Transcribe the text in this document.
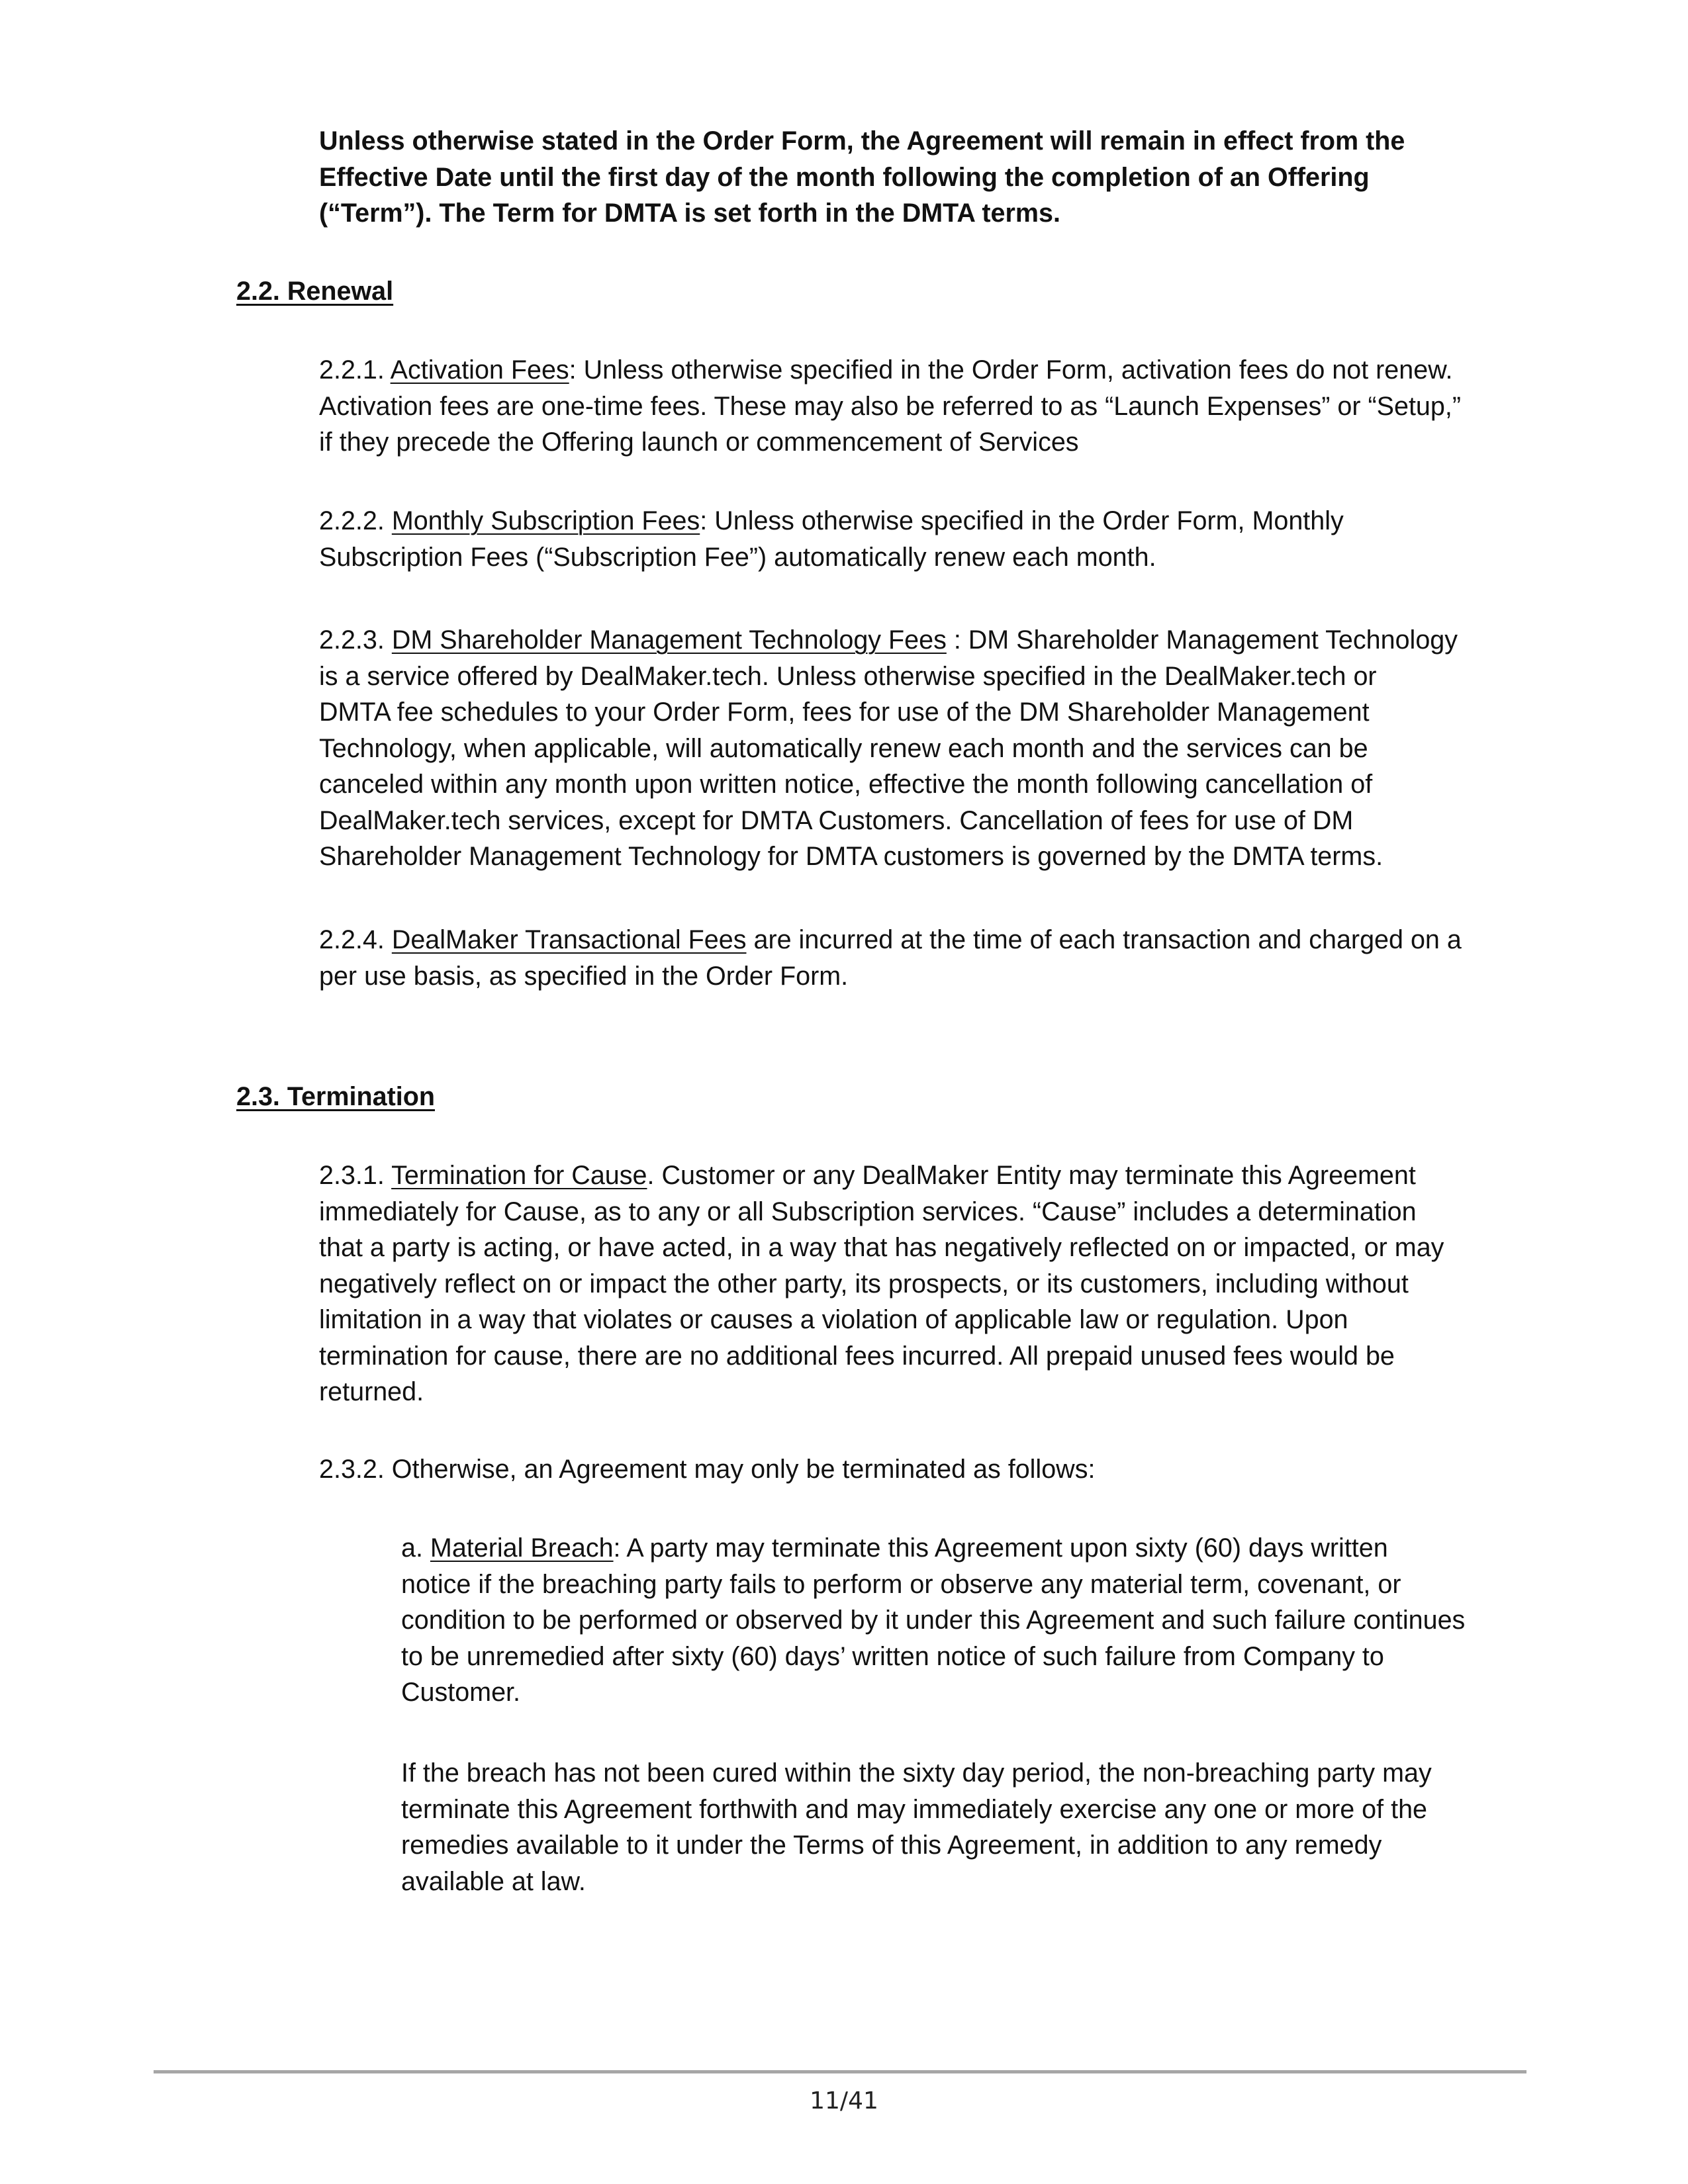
Unless otherwise stated in the Order Form, the Agreement will remain in effect from the
Effective Date until the first day of the month following the completion of an Offering
(“Term”). The Term for DMTA is set forth in the DMTA terms.
2.2. Renewal
2.2.1. Activation Fees: Unless otherwise specified in the Order Form, activation fees do not renew.
Activation fees are one-time fees. These may also be referred to as “Launch Expenses” or “Setup,”
if they precede the Offering launch or commencement of Services
2.2.2. Monthly Subscription Fees: Unless otherwise specified in the Order Form, Monthly
Subscription Fees (“Subscription Fee”) automatically renew each month.
2.2.3. DM Shareholder Management Technology Fees : DM Shareholder Management Technology
is a service offered by DealMaker.tech. Unless otherwise specified in the DealMaker.tech or
DMTA fee schedules to your Order Form, fees for use of the DM Shareholder Management
Technology, when applicable, will automatically renew each month and the services can be
canceled within any month upon written notice, effective the month following cancellation of
DealMaker.tech services, except for DMTA Customers. Cancellation of fees for use of DM
Shareholder Management Technology for DMTA customers is governed by the DMTA terms.
2.2.4. DealMaker Transactional Fees are incurred at the time of each transaction and charged on a
per use basis, as specified in the Order Form.
2.3. Termination
2.3.1. Termination for Cause. Customer or any DealMaker Entity may terminate this Agreement
immediately for Cause, as to any or all Subscription services. “Cause” includes a determination
that a party is acting, or have acted, in a way that has negatively reflected on or impacted, or may
negatively reflect on or impact the other party, its prospects, or its customers, including without
limitation in a way that violates or causes a violation of applicable law or regulation. Upon
termination for cause, there are no additional fees incurred. All prepaid unused fees would be
returned.
2.3.2. Otherwise, an Agreement may only be terminated as follows:
a. Material Breach: A party may terminate this Agreement upon sixty (60) days written
notice if the breaching party fails to perform or observe any material term, covenant, or
condition to be performed or observed by it under this Agreement and such failure continues
to be unremedied after sixty (60) days’ written notice of such failure from Company to
Customer.
If the breach has not been cured within the sixty day period, the non-breaching party may
terminate this Agreement forthwith and may immediately exercise any one or more of the
remedies available to it under the Terms of this Agreement, in addition to any remedy
available at law.
11/41
